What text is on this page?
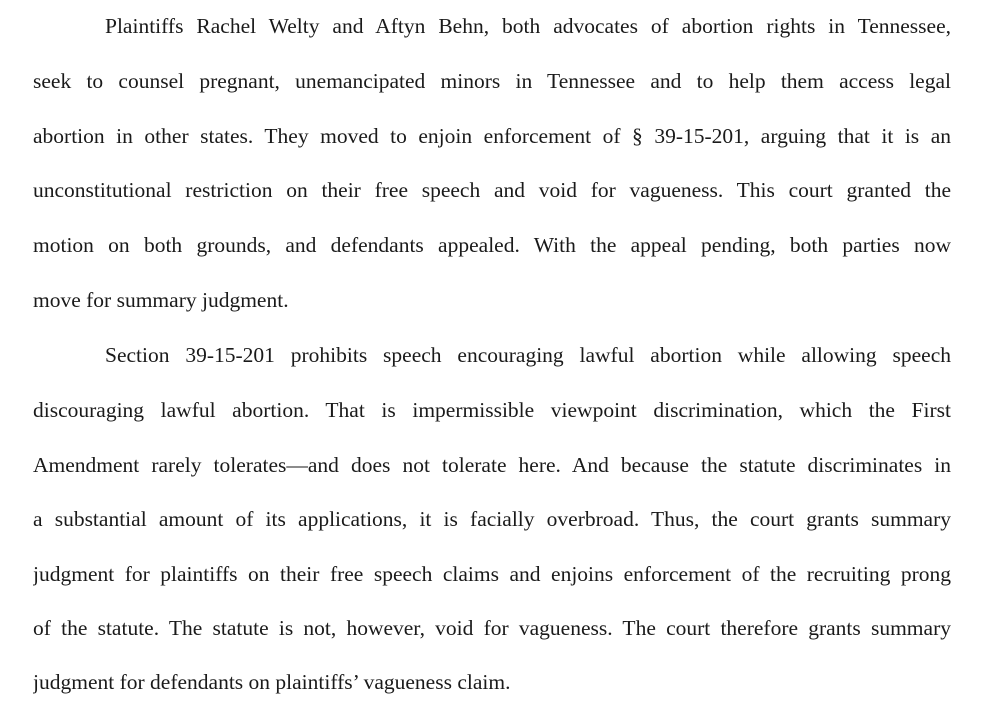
Plaintiffs Rachel Welty and Aftyn Behn, both advocates of abortion rights in Tennessee,

seek to counsel pregnant, unemancipated minors in Tennessee and to help them access legal

abortion in other states. They moved to enjoin enforcement of § 39-15-201, arguing that it is an

unconstitutional restriction on their free speech and void for vagueness. This court granted the

motion on both grounds, and defendants appealed. With the appeal pending, both parties now

move for summary judgment.

Section 39-15-201 prohibits speech encouraging lawful abortion while allowing speech

discouraging lawful abortion. That is impermissible viewpoint discrimination, which the First

Amendment rarely tolerates—and does not tolerate here. And because the statute discriminates in

a substantial amount of its applications, it is facially overbroad. Thus, the court grants summary

judgment for plaintiffs on their free speech claims and enjoins enforcement of the recruiting prong

of the statute. The statute is not, however, void for vagueness. The court therefore grants summary

judgment for defendants on plaintiffs’ vagueness claim.
